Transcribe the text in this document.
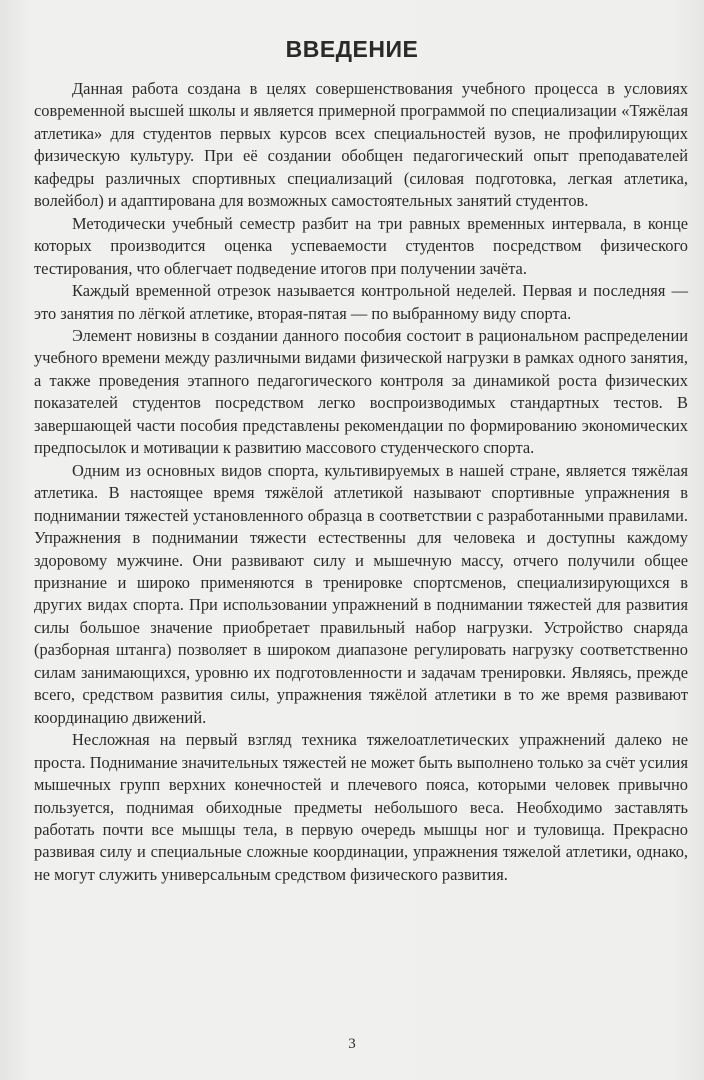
ВВЕДЕНИЕ

Данная работа создана в целях совершенствования учебного процесса в условиях современной высшей школы и является примерной программой по специализации «Тяжёлая атлетика» для студентов первых курсов всех специальностей вузов, не профилирующих физическую культуру. При её создании обобщен педагогический опыт преподавателей кафедры различных спортивных специализаций (силовая подготовка, легкая атлетика, волейбол) и адаптирована для возможных самостоятельных занятий студентов.

Методически учебный семестр разбит на три равных временных интервала, в конце которых производится оценка успеваемости студентов посредством физического тестирования, что облегчает подведение итогов при получении зачёта.

Каждый временной отрезок называется контрольной неделей. Первая и последняя — это занятия по лёгкой атлетике, вторая-пятая — по выбранному виду спорта.

Элемент новизны в создании данного пособия состоит в рациональном распределении учебного времени между различными видами физической нагрузки в рамках одного занятия, а также проведения этапного педагогического контроля за динамикой роста физических показателей студентов посредством легко воспроизводимых стандартных тестов. В завершающей части пособия представлены рекомендации по формированию экономических предпосылок и мотивации к развитию массового студенческого спорта.

Одним из основных видов спорта, культивируемых в нашей стране, является тяжёлая атлетика. В настоящее время тяжёлой атлетикой называют спортивные упражнения в поднимании тяжестей установленного образца в соответствии с разработанными правилами. Упражнения в поднимании тяжести естественны для человека и доступны каждому здоровому мужчине. Они развивают силу и мышечную массу, отчего получили общее признание и широко применяются в тренировке спортсменов, специализирующихся в других видах спорта. При использовании упражнений в поднимании тяжестей для развития силы большое значение приобретает правильный набор нагрузки. Устройство снаряда (разборная штанга) позволяет в широком диапазоне регулировать нагрузку соответственно силам занимающихся, уровню их подготовленности и задачам тренировки. Являясь, прежде всего, средством развития силы, упражнения тяжёлой атлетики в то же время развивают координацию движений.

Несложная на первый взгляд техника тяжелоатлетических упражнений далеко не проста. Поднимание значительных тяжестей не может быть выполнено только за счёт усилия мышечных групп верхних конечностей и плечевого пояса, которыми человек привычно пользуется, поднимая обиходные предметы небольшого веса. Необходимо заставлять работать почти все мышцы тела, в первую очередь мышцы ног и туловища. Прекрасно развивая силу и специальные сложные координации, упражнения тяжелой атлетики, однако, не могут служить универсальным средством физического развития.

3
